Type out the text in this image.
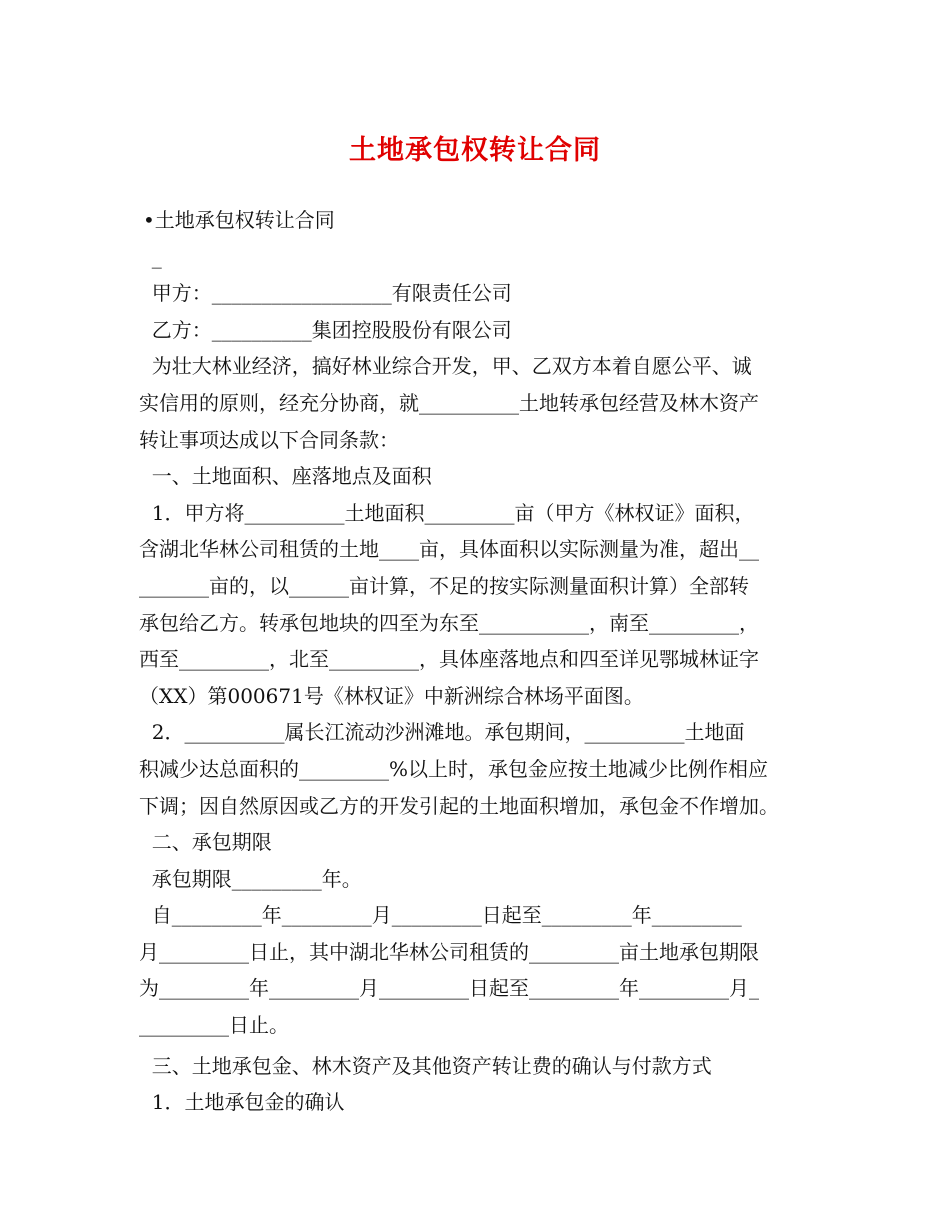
土地承包权转让合同
•土地承包权转让合同
_
甲方：__________________有限责任公司
乙方：__________集团控股股份有限公司
为壮大林业经济，搞好林业综合开发，甲、乙双方本着自愿公平、诚
实信用的原则，经充分协商，就__________土地转承包经营及林木资产
转让事项达成以下合同条款：
一、土地面积、座落地点及面积
1．甲方将__________土地面积_________亩（甲方《林权证》面积，
含湖北华林公司租赁的土地____亩，具体面积以实际测量为准，超出__
_______亩的，以______亩计算，不足的按实际测量面积计算）全部转
承包给乙方。转承包地块的四至为东至___________，南至_________，
西至_________，北至_________，具体座落地点和四至详见鄂城林证字
（XX）第000671号《林权证》中新洲综合林场平面图。
2．__________属长江流动沙洲滩地。承包期间，__________土地面
积减少达总面积的_________%以上时，承包金应按土地减少比例作相应
下调；因自然原因或乙方的开发引起的土地面积增加，承包金不作增加。
二、承包期限
承包期限_________年。
自_________年_________月_________日起至_________年_________
月_________日止，其中湖北华林公司租赁的_________亩土地承包期限
为_________年_________月_________日起至_________年_________月_
_________日止。
三、土地承包金、林木资产及其他资产转让费的确认与付款方式
1．土地承包金的确认
